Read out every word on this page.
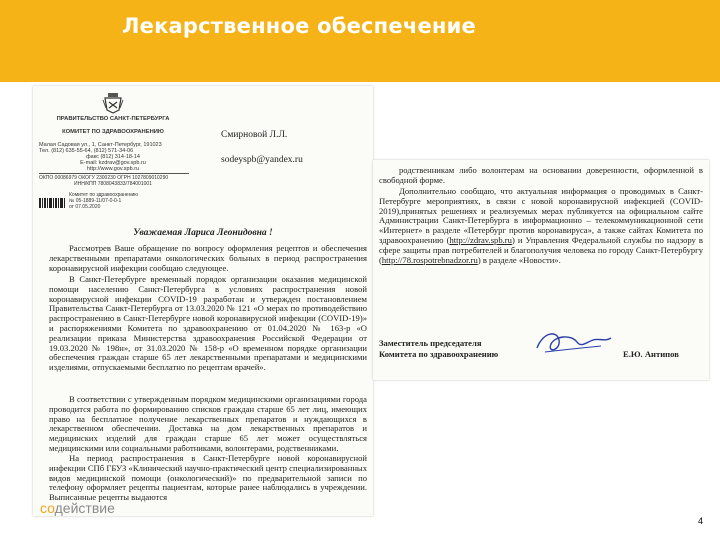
Лекарственное обеспечение
ПРАВИТЕЛЬСТВО САНКТ-ПЕТЕРБУРГА
КОМИТЕТ ПО ЗДРАВООХРАНЕНИЮ
Малая Садовая ул., 1, Санкт-Петербург, 191023
Тел. (812) 635-55-64, (812) 571-34-06
факс (812) 314-18-14
E-mail: kzdrav@gov.spb.ru
http://www.gov.spb.ru
ОКПО 00086979 ОКОГУ 2300230 ОГРН 1027809010290
ИНН/КПП 7808043833/784001001
Комитет по здравоохранению
№ 05-1889-11/07-0-0-1
от 07.05.2020
Смирновой Л.Л.
sodeyspb@yandex.ru
Уважаемая Лариса Леонидовна !
Рассмотрев Ваше обращение по вопросу оформления рецептов и обеспечения лекарственными препаратами онкологических больных в период распространения коронавирусной инфекции сообщаю следующее.
В Санкт-Петербурге временный порядок организации оказания медицинской помощи населению Санкт-Петербурга в условиях распространения новой коронавирусной инфекции COVID-19 разработан и утвержден постановлением Правительства Санкт-Петербурга от 13.03.2020 № 121 «О мерах по противодействию распространению в Санкт-Петербурге новой коронавирусной инфекции (COVID-19)» и распоряжениями Комитета по здравоохранению от 01.04.2020 № 163-р «О реализации приказа Министерства здравоохранения Российской Федерации от 19.03.2020 № 198н», от 31.03.2020 № 158-р «О временном порядке организации обеспечения граждан старше 65 лет лекарственными препаратами и медицинскими изделиями, отпускаемыми бесплатно по рецептам врачей».
В соответствии с утвержденным порядком медицинскими организациями города проводится работа по формированию списков граждан старше 65 лет лиц, имеющих право на бесплатное получение лекарственных препаратов и нуждающихся в лекарственном обеспечении. Доставка на дом лекарственных препаратов и медицинских изделий для граждан старше 65 лет может осуществляться медицинскими или социальными работниками, волонтерами, родственниками.
На период распространения в Санкт-Петербурге новой коронавирусной инфекции СПб ГБУЗ «Клинический научно-практический центр специализированных видов медицинской помощи (онкологический)» по предварительной записи по телефону оформляет рецепты пациентам, которые ранее наблюдались в учреждении. Выписанные рецепты выдаются
родственникам либо волонтерам на основании доверенности, оформленной в свободной форме.
Дополнительно сообщаю, что актуальная информация о проводимых в Санкт-Петербурге мероприятиях, в связи с новой коронавирусной инфекцией (COVID-2019),принятых решениях и реализуемых мерах публикуется на официальном сайте Администрации Санкт-Петербурга в информационно – телекоммуникационной сети «Интернет» в разделе «Петербург против коронавируса», а также сайтах Комитета по здравоохранению (http://zdrav.spb.ru) и Управления Федеральной службы по надзору в сфере защиты прав потребителей и благополучия человека по городу Санкт-Петербургу (http://78.rospotrebnadzor.ru) в разделе «Новости».
Заместитель председателя
Комитета по здравоохранению	Е.Ю. Антипов
содействие
4
